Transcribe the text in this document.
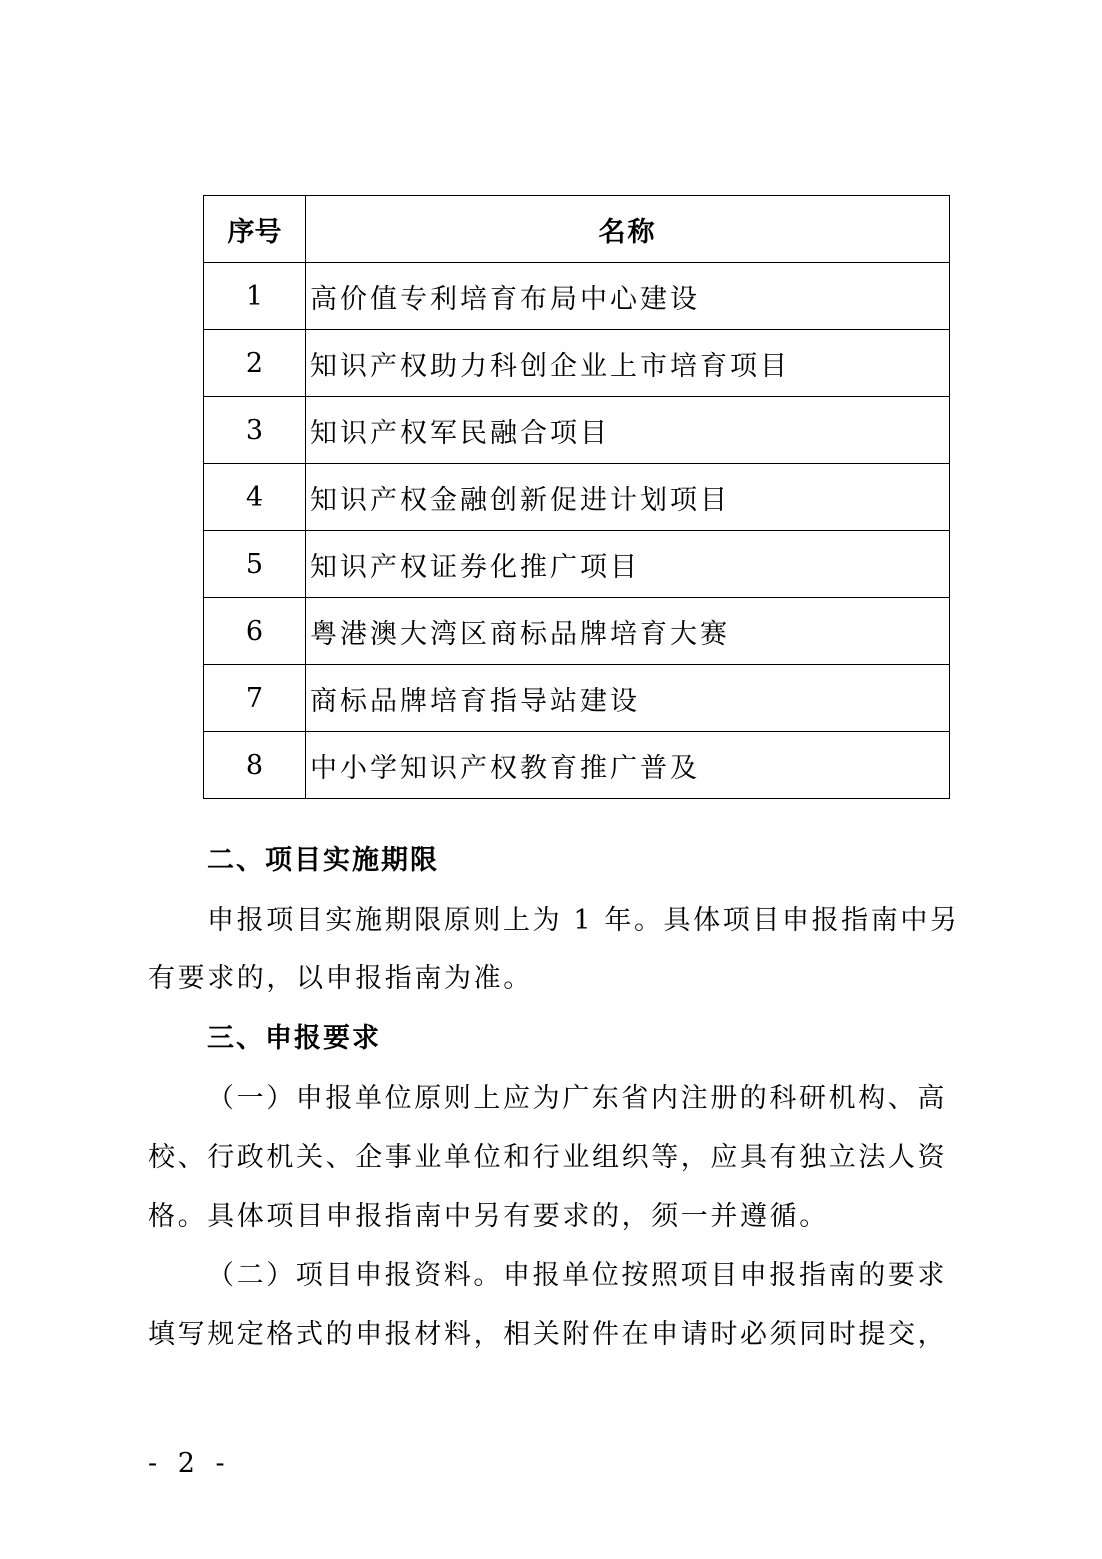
序号	名称
1	高价值专利培育布局中心建设
2	知识产权助力科创企业上市培育项目
3	知识产权军民融合项目
4	知识产权金融创新促进计划项目
5	知识产权证券化推广项目
6	粤港澳大湾区商标品牌培育大赛
7	商标品牌培育指导站建设
8	中小学知识产权教育推广普及
二、项目实施期限
申报项目实施期限原则上为 1 年。具体项目申报指南中另
有要求的，以申报指南为准。
三、申报要求
（一）申报单位原则上应为广东省内注册的科研机构、高
校、行政机关、企事业单位和行业组织等，应具有独立法人资
格。具体项目申报指南中另有要求的，须一并遵循。
（二）项目申报资料。申报单位按照项目申报指南的要求
填写规定格式的申报材料，相关附件在申请时必须同时提交，
- 2 -
